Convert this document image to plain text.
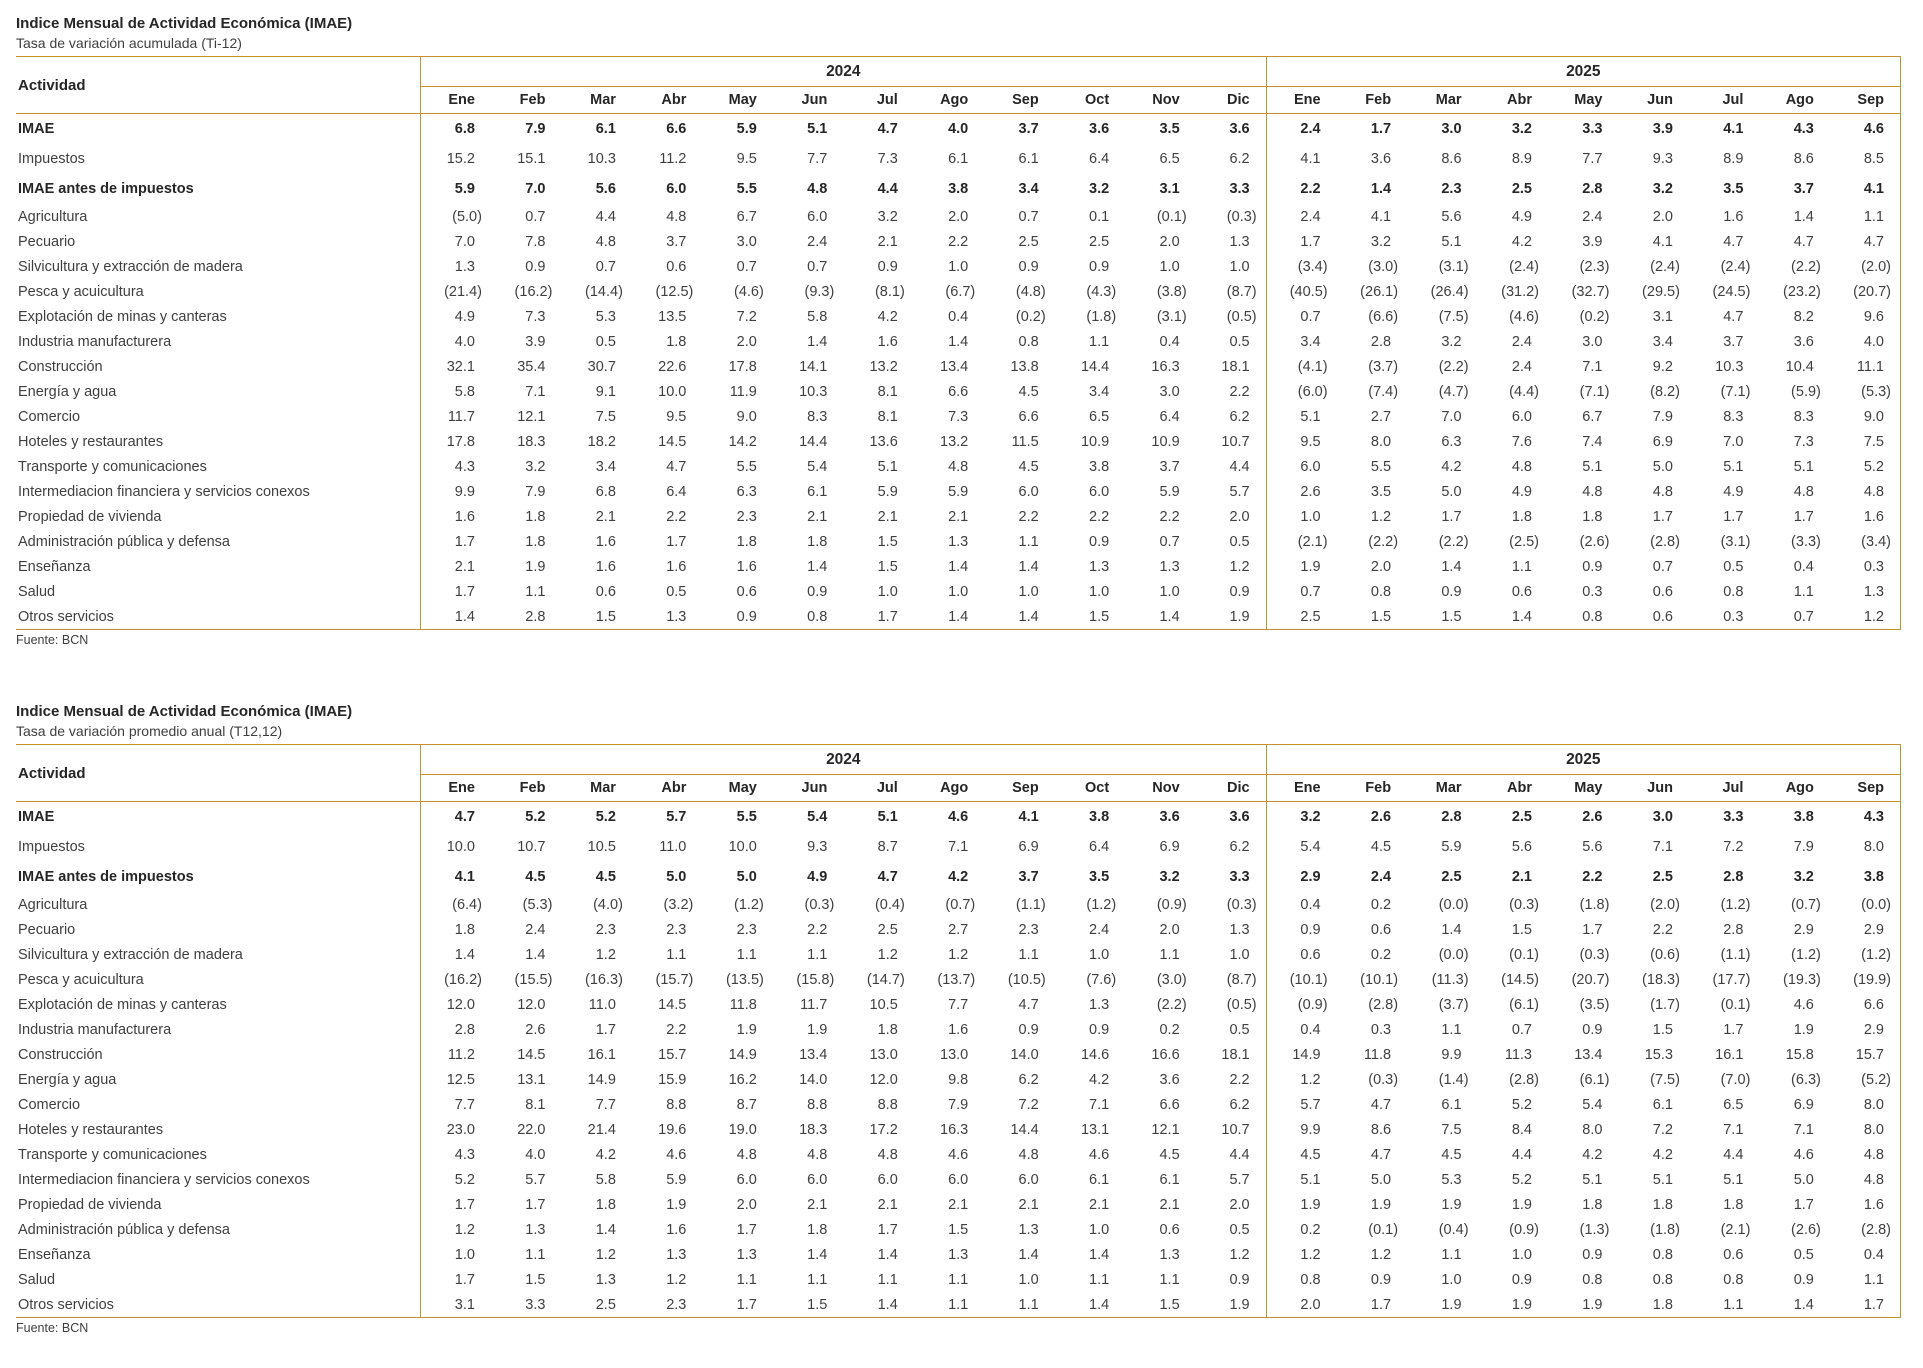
Indice Mensual de Actividad Económica (IMAE)
Tasa de variación acumulada (Ti-12)
Actividad	2024												2025								
	Ene	Feb	Mar	Abr	May	Jun	Jul	Ago	Sep	Oct	Nov	Dic	Ene	Feb	Mar	Abr	May	Jun	Jul	Ago	Sep
IMAE	6.8	7.9	6.1	6.6	5.9	5.1	4.7	4.0	3.7	3.6	3.5	3.6	2.4	1.7	3.0	3.2	3.3	3.9	4.1	4.3	4.6
Impuestos	15.2	15.1	10.3	11.2	9.5	7.7	7.3	6.1	6.1	6.4	6.5	6.2	4.1	3.6	8.6	8.9	7.7	9.3	8.9	8.6	8.5
IMAE antes de impuestos	5.9	7.0	5.6	6.0	5.5	4.8	4.4	3.8	3.4	3.2	3.1	3.3	2.2	1.4	2.3	2.5	2.8	3.2	3.5	3.7	4.1
Agricultura	(5.0)	0.7	4.4	4.8	6.7	6.0	3.2	2.0	0.7	0.1	(0.1)	(0.3)	2.4	4.1	5.6	4.9	2.4	2.0	1.6	1.4	1.1
Pecuario	7.0	7.8	4.8	3.7	3.0	2.4	2.1	2.2	2.5	2.5	2.0	1.3	1.7	3.2	5.1	4.2	3.9	4.1	4.7	4.7	4.7
Silvicultura y extracción de madera	1.3	0.9	0.7	0.6	0.7	0.7	0.9	1.0	0.9	0.9	1.0	1.0	(3.4)	(3.0)	(3.1)	(2.4)	(2.3)	(2.4)	(2.4)	(2.2)	(2.0)
Pesca y acuicultura	(21.4)	(16.2)	(14.4)	(12.5)	(4.6)	(9.3)	(8.1)	(6.7)	(4.8)	(4.3)	(3.8)	(8.7)	(40.5)	(26.1)	(26.4)	(31.2)	(32.7)	(29.5)	(24.5)	(23.2)	(20.7)
Explotación de minas y canteras	4.9	7.3	5.3	13.5	7.2	5.8	4.2	0.4	(0.2)	(1.8)	(3.1)	(0.5)	0.7	(6.6)	(7.5)	(4.6)	(0.2)	3.1	4.7	8.2	9.6
Industria manufacturera	4.0	3.9	0.5	1.8	2.0	1.4	1.6	1.4	0.8	1.1	0.4	0.5	3.4	2.8	3.2	2.4	3.0	3.4	3.7	3.6	4.0
Construcción	32.1	35.4	30.7	22.6	17.8	14.1	13.2	13.4	13.8	14.4	16.3	18.1	(4.1)	(3.7)	(2.2)	2.4	7.1	9.2	10.3	10.4	11.1
Energía y agua	5.8	7.1	9.1	10.0	11.9	10.3	8.1	6.6	4.5	3.4	3.0	2.2	(6.0)	(7.4)	(4.7)	(4.4)	(7.1)	(8.2)	(7.1)	(5.9)	(5.3)
Comercio	11.7	12.1	7.5	9.5	9.0	8.3	8.1	7.3	6.6	6.5	6.4	6.2	5.1	2.7	7.0	6.0	6.7	7.9	8.3	8.3	9.0
Hoteles y restaurantes	17.8	18.3	18.2	14.5	14.2	14.4	13.6	13.2	11.5	10.9	10.9	10.7	9.5	8.0	6.3	7.6	7.4	6.9	7.0	7.3	7.5
Transporte y comunicaciones	4.3	3.2	3.4	4.7	5.5	5.4	5.1	4.8	4.5	3.8	3.7	4.4	6.0	5.5	4.2	4.8	5.1	5.0	5.1	5.1	5.2
Intermediacion financiera y servicios conexos	9.9	7.9	6.8	6.4	6.3	6.1	5.9	5.9	6.0	6.0	5.9	5.7	2.6	3.5	5.0	4.9	4.8	4.8	4.9	4.8	4.8
Propiedad de vivienda	1.6	1.8	2.1	2.2	2.3	2.1	2.1	2.1	2.2	2.2	2.2	2.0	1.0	1.2	1.7	1.8	1.8	1.7	1.7	1.7	1.6
Administración pública y defensa	1.7	1.8	1.6	1.7	1.8	1.8	1.5	1.3	1.1	0.9	0.7	0.5	(2.1)	(2.2)	(2.2)	(2.5)	(2.6)	(2.8)	(3.1)	(3.3)	(3.4)
Enseñanza	2.1	1.9	1.6	1.6	1.6	1.4	1.5	1.4	1.4	1.3	1.3	1.2	1.9	2.0	1.4	1.1	0.9	0.7	0.5	0.4	0.3
Salud	1.7	1.1	0.6	0.5	0.6	0.9	1.0	1.0	1.0	1.0	1.0	0.9	0.7	0.8	0.9	0.6	0.3	0.6	0.8	1.1	1.3
Otros servicios	1.4	2.8	1.5	1.3	0.9	0.8	1.7	1.4	1.4	1.5	1.4	1.9	2.5	1.5	1.5	1.4	0.8	0.6	0.3	0.7	1.2
Fuente: BCN
Indice Mensual de Actividad Económica (IMAE)
Tasa de variación promedio anual (T12,12)
Actividad	2024												2025								
	Ene	Feb	Mar	Abr	May	Jun	Jul	Ago	Sep	Oct	Nov	Dic	Ene	Feb	Mar	Abr	May	Jun	Jul	Ago	Sep
IMAE	4.7	5.2	5.2	5.7	5.5	5.4	5.1	4.6	4.1	3.8	3.6	3.6	3.2	2.6	2.8	2.5	2.6	3.0	3.3	3.8	4.3
Impuestos	10.0	10.7	10.5	11.0	10.0	9.3	8.7	7.1	6.9	6.4	6.9	6.2	5.4	4.5	5.9	5.6	5.6	7.1	7.2	7.9	8.0
IMAE antes de impuestos	4.1	4.5	4.5	5.0	5.0	4.9	4.7	4.2	3.7	3.5	3.2	3.3	2.9	2.4	2.5	2.1	2.2	2.5	2.8	3.2	3.8
Agricultura	(6.4)	(5.3)	(4.0)	(3.2)	(1.2)	(0.3)	(0.4)	(0.7)	(1.1)	(1.2)	(0.9)	(0.3)	0.4	0.2	(0.0)	(0.3)	(1.8)	(2.0)	(1.2)	(0.7)	(0.0)
Pecuario	1.8	2.4	2.3	2.3	2.3	2.2	2.5	2.7	2.3	2.4	2.0	1.3	0.9	0.6	1.4	1.5	1.7	2.2	2.8	2.9	2.9
Silvicultura y extracción de madera	1.4	1.4	1.2	1.1	1.1	1.1	1.2	1.2	1.1	1.0	1.1	1.0	0.6	0.2	(0.0)	(0.1)	(0.3)	(0.6)	(1.1)	(1.2)	(1.2)
Pesca y acuicultura	(16.2)	(15.5)	(16.3)	(15.7)	(13.5)	(15.8)	(14.7)	(13.7)	(10.5)	(7.6)	(3.0)	(8.7)	(10.1)	(10.1)	(11.3)	(14.5)	(20.7)	(18.3)	(17.7)	(19.3)	(19.9)
Explotación de minas y canteras	12.0	12.0	11.0	14.5	11.8	11.7	10.5	7.7	4.7	1.3	(2.2)	(0.5)	(0.9)	(2.8)	(3.7)	(6.1)	(3.5)	(1.7)	(0.1)	4.6	6.6
Industria manufacturera	2.8	2.6	1.7	2.2	1.9	1.9	1.8	1.6	0.9	0.9	0.2	0.5	0.4	0.3	1.1	0.7	0.9	1.5	1.7	1.9	2.9
Construcción	11.2	14.5	16.1	15.7	14.9	13.4	13.0	13.0	14.0	14.6	16.6	18.1	14.9	11.8	9.9	11.3	13.4	15.3	16.1	15.8	15.7
Energía y agua	12.5	13.1	14.9	15.9	16.2	14.0	12.0	9.8	6.2	4.2	3.6	2.2	1.2	(0.3)	(1.4)	(2.8)	(6.1)	(7.5)	(7.0)	(6.3)	(5.2)
Comercio	7.7	8.1	7.7	8.8	8.7	8.8	8.8	7.9	7.2	7.1	6.6	6.2	5.7	4.7	6.1	5.2	5.4	6.1	6.5	6.9	8.0
Hoteles y restaurantes	23.0	22.0	21.4	19.6	19.0	18.3	17.2	16.3	14.4	13.1	12.1	10.7	9.9	8.6	7.5	8.4	8.0	7.2	7.1	7.1	8.0
Transporte y comunicaciones	4.3	4.0	4.2	4.6	4.8	4.8	4.8	4.6	4.8	4.6	4.5	4.4	4.5	4.7	4.5	4.4	4.2	4.2	4.4	4.6	4.8
Intermediacion financiera y servicios conexos	5.2	5.7	5.8	5.9	6.0	6.0	6.0	6.0	6.0	6.1	6.1	5.7	5.1	5.0	5.3	5.2	5.1	5.1	5.1	5.0	4.8
Propiedad de vivienda	1.7	1.7	1.8	1.9	2.0	2.1	2.1	2.1	2.1	2.1	2.1	2.0	1.9	1.9	1.9	1.9	1.8	1.8	1.8	1.7	1.6
Administración pública y defensa	1.2	1.3	1.4	1.6	1.7	1.8	1.7	1.5	1.3	1.0	0.6	0.5	0.2	(0.1)	(0.4)	(0.9)	(1.3)	(1.8)	(2.1)	(2.6)	(2.8)
Enseñanza	1.0	1.1	1.2	1.3	1.3	1.4	1.4	1.3	1.4	1.4	1.3	1.2	1.2	1.2	1.1	1.0	0.9	0.8	0.6	0.5	0.4
Salud	1.7	1.5	1.3	1.2	1.1	1.1	1.1	1.1	1.0	1.1	1.1	0.9	0.8	0.9	1.0	0.9	0.8	0.8	0.8	0.9	1.1
Otros servicios	3.1	3.3	2.5	2.3	1.7	1.5	1.4	1.1	1.1	1.4	1.5	1.9	2.0	1.7	1.9	1.9	1.9	1.8	1.1	1.4	1.7
Fuente: BCN
